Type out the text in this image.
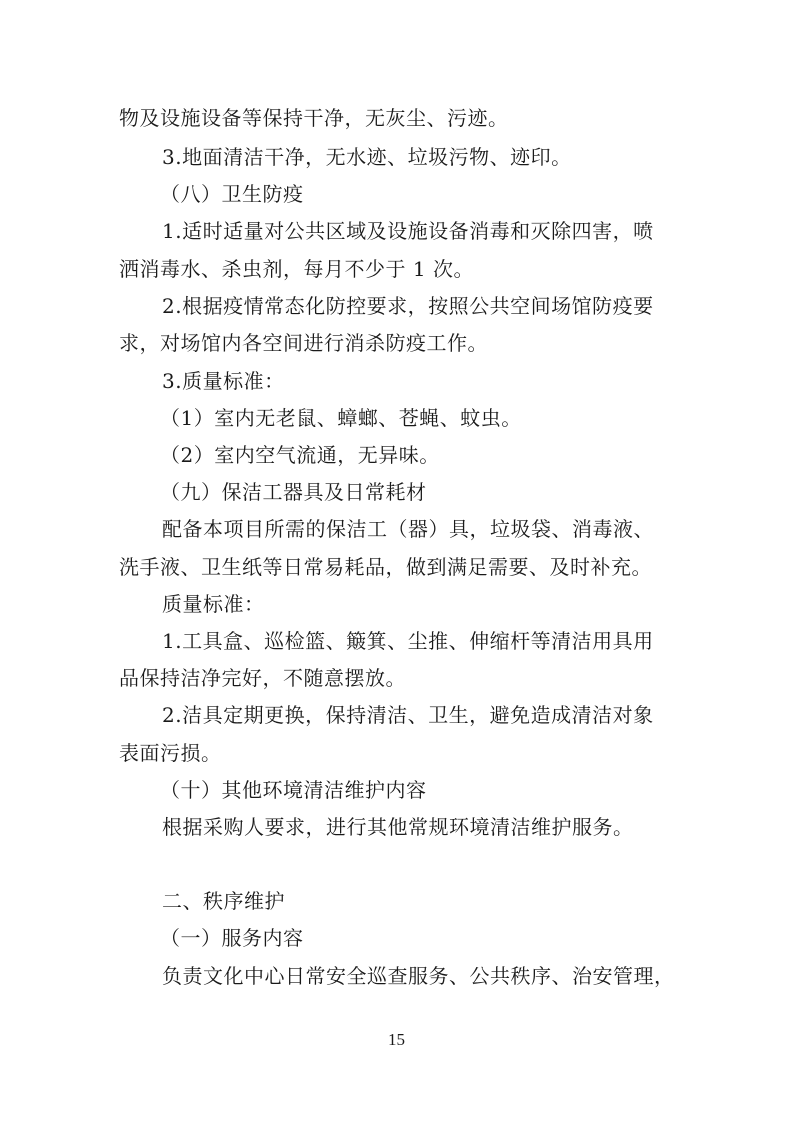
物及设施设备等保持干净，无灰尘、污迹。
3.地面清洁干净，无水迹、垃圾污物、迹印。
（八）卫生防疫
1.适时适量对公共区域及设施设备消毒和灭除四害，喷
洒消毒水、杀虫剂，每月不少于 1 次。
2.根据疫情常态化防控要求，按照公共空间场馆防疫要
求，对场馆内各空间进行消杀防疫工作。
3.质量标准：
（1）室内无老鼠、蟑螂、苍蝇、蚊虫。
（2）室内空气流通，无异味。
（九）保洁工器具及日常耗材
配备本项目所需的保洁工（器）具，垃圾袋、消毒液、
洗手液、卫生纸等日常易耗品，做到满足需要、及时补充。
质量标准：
1.工具盒、巡检篮、簸箕、尘推、伸缩杆等清洁用具用
品保持洁净完好，不随意摆放。
2.洁具定期更换，保持清洁、卫生，避免造成清洁对象
表面污损。
（十）其他环境清洁维护内容
根据采购人要求，进行其他常规环境清洁维护服务。
二、秩序维护
（一）服务内容
负责文化中心日常安全巡查服务、公共秩序、治安管理，
15
